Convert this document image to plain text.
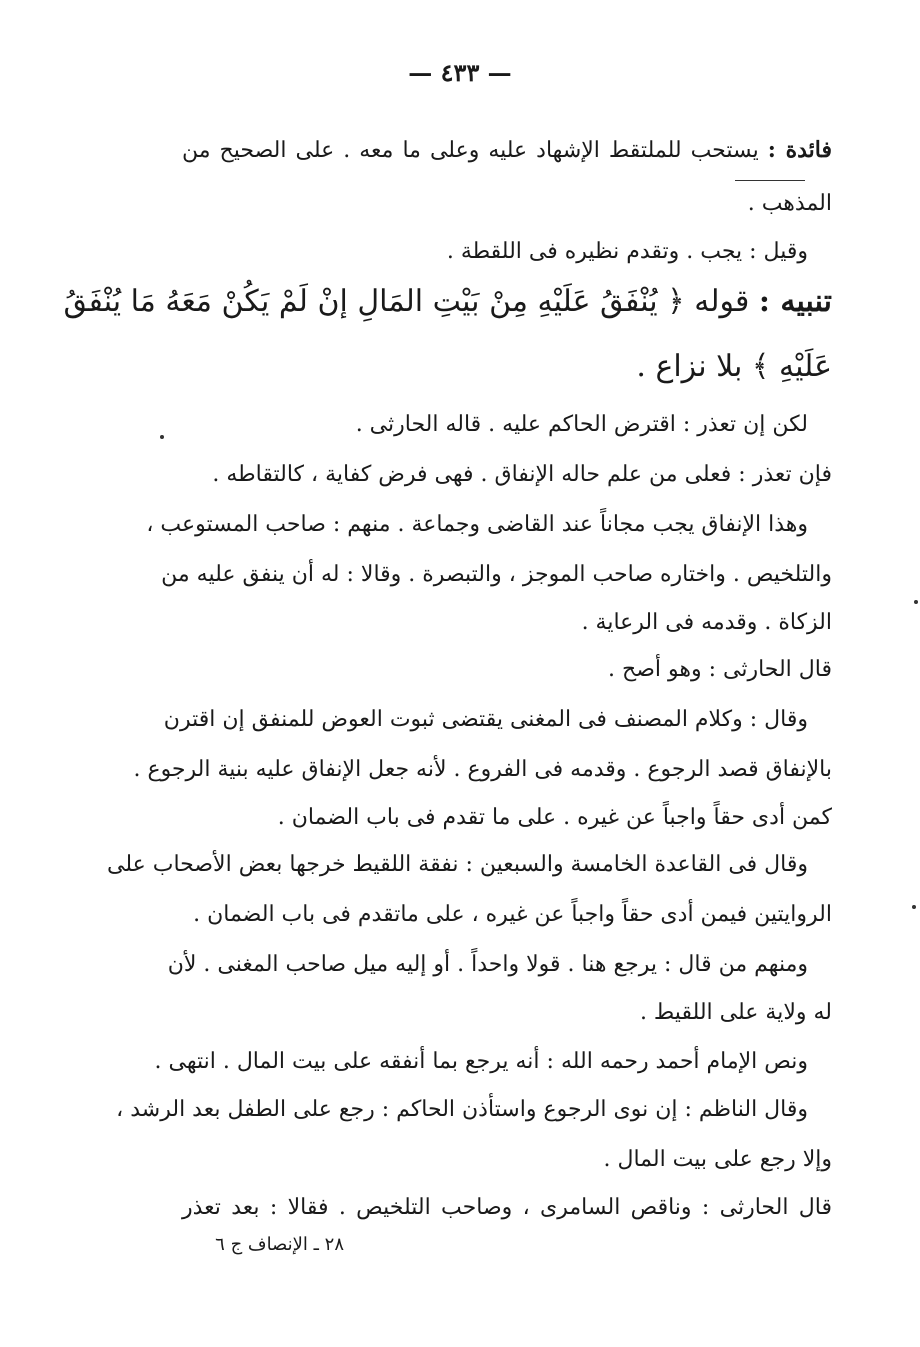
— ٤٣٣ —
فائدة : يستحب للملتقط الإشهاد عليه وعلى ما معه . على الصحيح من
المذهب .
وقيل : يجب . وتقدم نظيره فى اللقطة .
تنبيه : قوله ﴿ يُنْفَقُ عَلَيْهِ مِنْ بَيْتِ المَالِ إنْ لَمْ يَكُنْ مَعَهُ مَا يُنْفَقُ
عَلَيْهِ ﴾ بلا نزاع .
لكن إن تعذر : اقترض الحاكم عليه . قاله الحارثى .
فإن تعذر : فعلى من علم حاله الإنفاق . فهى فرض كفاية ، كالتقاطه .
وهذا الإنفاق يجب مجاناً عند القاضى وجماعة . منهم : صاحب المستوعب ،
والتلخيص . واختاره صاحب الموجز ، والتبصرة . وقالا : له أن ينفق عليه من
الزكاة . وقدمه فى الرعاية .
قال الحارثى : وهو أصح .
وقال : وكلام المصنف فى المغنى يقتضى ثبوت العوض للمنفق إن اقترن
بالإنفاق قصد الرجوع . وقدمه فى الفروع . لأنه جعل الإنفاق عليه بنية الرجوع .
كمن أدى حقاً واجباً عن غيره . على ما تقدم فى باب الضمان .
وقال فى القاعدة الخامسة والسبعين : نفقة اللقيط خرجها بعض الأصحاب على
الروايتين فيمن أدى حقاً واجباً عن غيره ، على ماتقدم فى باب الضمان .
ومنهم من قال : يرجع هنا . قولا واحداً . أو إليه ميل صاحب المغنى . لأن
له ولاية على اللقيط .
ونص الإمام أحمد رحمه الله : أنه يرجع بما أنفقه على بيت المال . انتهى .
وقال الناظم : إن نوى الرجوع واستأذن الحاكم : رجع على الطفل بعد الرشد ،
وإلا رجع على بيت المال .
قال الحارثى : وناقص السامرى ، وصاحب التلخيص . فقالا : بعد تعذر
٢٨ ـ الإنصاف ج ٦
